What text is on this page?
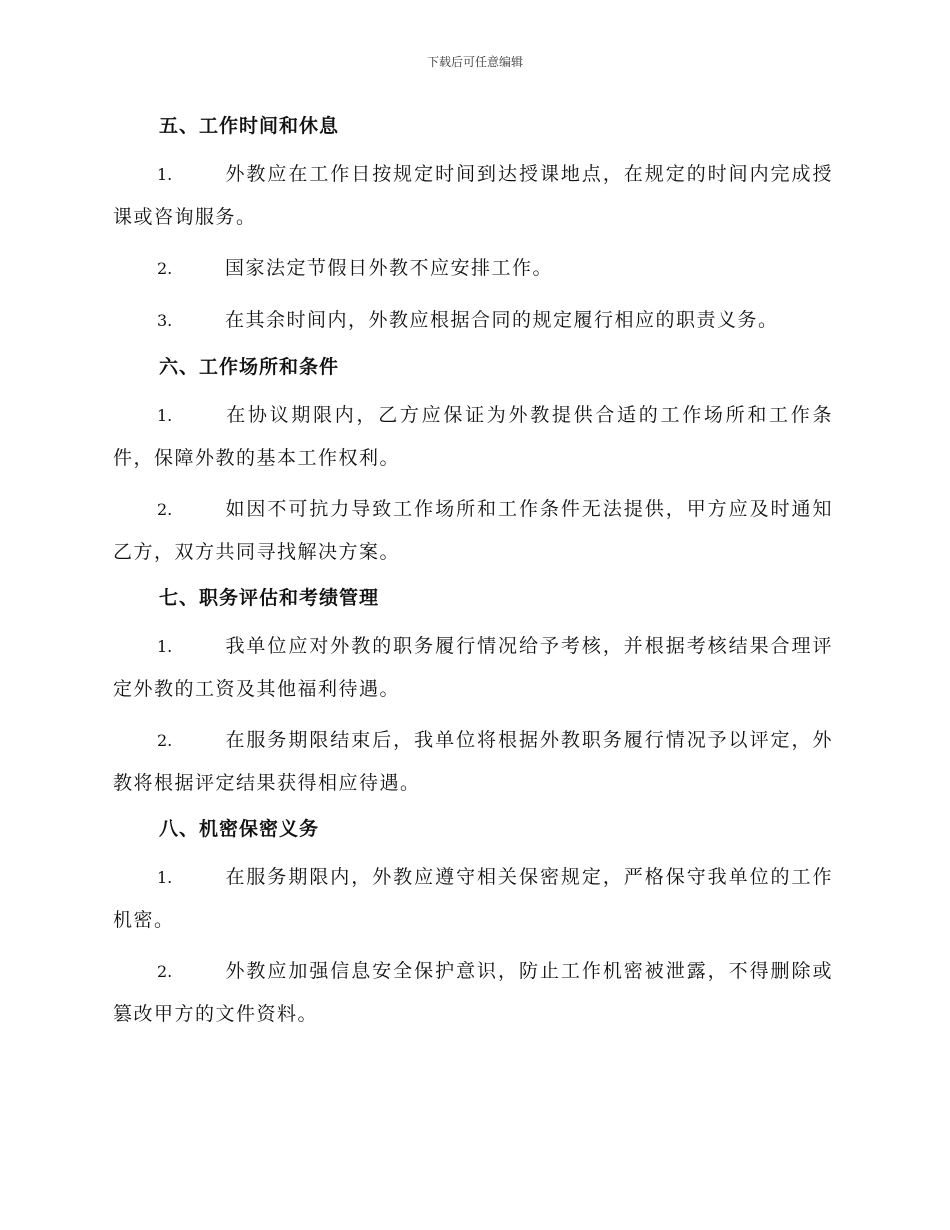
下载后可任意编辑
五、工作时间和休息
1.	外教应在工作日按规定时间到达授课地点，在规定的时间内完成授课或咨询服务。
2.	国家法定节假日外教不应安排工作。
3.	在其余时间内，外教应根据合同的规定履行相应的职责义务。
六、工作场所和条件
1.	在协议期限内，乙方应保证为外教提供合适的工作场所和工作条件，保障外教的基本工作权利。
2.	如因不可抗力导致工作场所和工作条件无法提供，甲方应及时通知乙方，双方共同寻找解决方案。
七、职务评估和考绩管理
1.	我单位应对外教的职务履行情况给予考核，并根据考核结果合理评定外教的工资及其他福利待遇。
2.	在服务期限结束后，我单位将根据外教职务履行情况予以评定，外教将根据评定结果获得相应待遇。
八、机密保密义务
1.	在服务期限内，外教应遵守相关保密规定，严格保守我单位的工作机密。
2.	外教应加强信息安全保护意识，防止工作机密被泄露，不得删除或篡改甲方的文件资料。
